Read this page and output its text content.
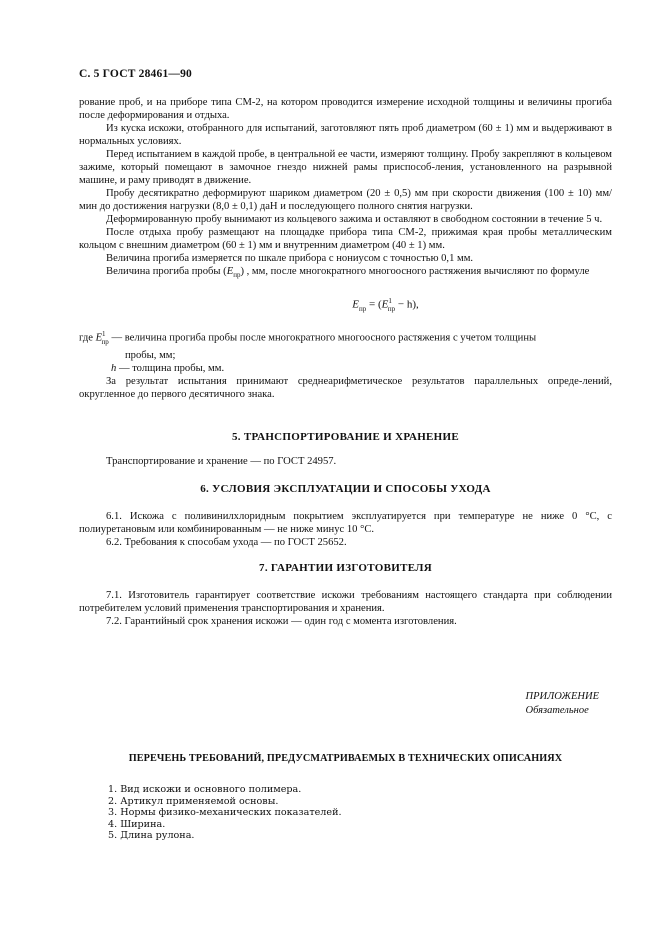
С. 5 ГОСТ 28461—90

рование проб, и на приборе типа СМ-2, на котором проводится измерение исходной толщины и величины прогиба после деформирования и отдыха.

Из куска искожи, отобранного для испытаний, заготовляют пять проб диаметром (60 ± 1) мм и выдерживают в нормальных условиях.

Перед испытанием в каждой пробе, в центральной ее части, измеряют толщину. Пробу закрепляют в кольцевом зажиме, который помещают в замочное гнездо нижней рамы приспособ-ления, установленного на разрывной машине, и раму приводят в движение.

Пробу десятикратно деформируют шариком диаметром (20 ± 0,5) мм при скорости движения (100 ± 10) мм/мин до достижения нагрузки (8,0 ± 0,1) даН и последующего полного снятия нагрузки.

Деформированную пробу вынимают из кольцевого зажима и оставляют в свободном состоянии в течение 5 ч.

После отдыха пробу размещают на площадке прибора типа СМ-2, прижимая края пробы металлическим кольцом с внешним диаметром (60 ± 1) мм и внутренним диаметром (40 ± 1) мм.

Величина прогиба измеряется по шкале прибора с нониусом с точностью 0,1 мм.

Величина прогиба пробы $(E_{пр})$ , мм, после многократного многоосного растяжения вычисляют по формуле

$E_{пр} = (E^1_{пр} - h)$,

где $E^1_{пр}$ — величина прогиба пробы после многократного многоосного растяжения с учетом толщины

пробы, мм;

h — толщина пробы, мм.

За результат испытания принимают среднеарифметическое результатов параллельных опреде-лений, округленное до первого десятичного знака.

5. ТРАНСПОРТИРОВАНИЕ И ХРАНЕНИЕ

Транспортирование и хранение — по ГОСТ 24957.

6. УСЛОВИЯ ЭКСПЛУАТАЦИИ И СПОСОБЫ УХОДА

6.1. Искожа с поливинилхлоридным покрытием эксплуатируется при температуре не ниже 0 °С, с полиуретановым или комбинированным — не ниже минус 10 °С.

6.2. Требования к способам ухода — по ГОСТ 25652.

7. ГАРАНТИИ ИЗГОТОВИТЕЛЯ

7.1. Изготовитель гарантирует соответствие искожи требованиям настоящего стандарта при соблюдении потребителем условий применения транспортирования и хранения.

7.2. Гарантийный срок хранения искожи — один год с момента изготовления.

ПРИЛОЖЕНИЕ
Обязательное
ПЕРЕЧЕНЬ ТРЕБОВАНИЙ, ПРЕДУСМАТРИВАЕМЫХ В ТЕХНИЧЕСКИХ ОПИСАНИЯХ
1. Вид искожи и основного полимера.
2. Артикул применяемой основы.
3. Нормы физико-механических показателей.
4. Ширина.
5. Длина рулона.
